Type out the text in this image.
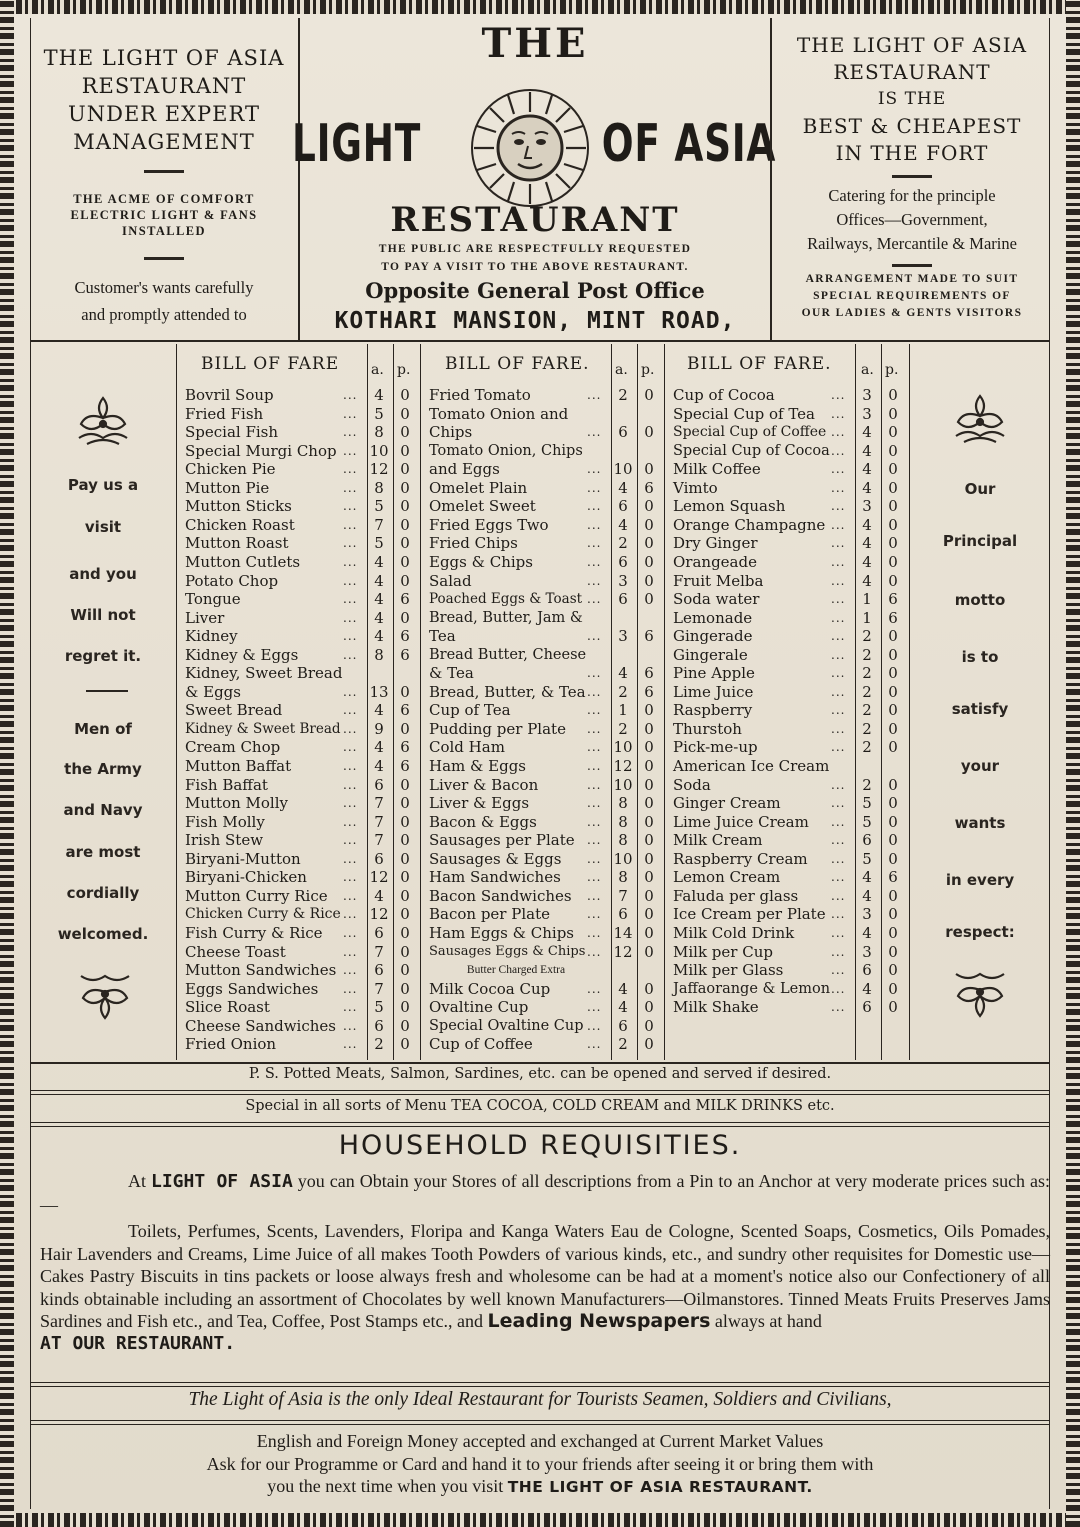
THE LIGHT OF ASIA
RESTAURANT
UNDER EXPERT
MANAGEMENT
THE ACME OF COMFORT
ELECTRIC LIGHT & FANS
INSTALLED
Customer's wants carefully
and promptly attended to
THE
LIGHT	OF ASIA
RESTAURANT
THE PUBLIC ARE RESPECTFULLY REQUESTED
TO PAY A VISIT TO THE ABOVE RESTAURANT.
Opposite General Post Office
KOTHARI MANSION, MINT ROAD,
THE LIGHT OF ASIA
RESTAURANT
IS THE
BEST & CHEAPEST
IN THE FORT
Catering for the principle
Offices—Government,
Railways, Mercantile & Marine
ARRANGEMENT MADE TO SUIT
SPECIAL REQUIREMENTS OF
OUR LADIES & GENTS VISITORS
Pay us a
visit
and you
Will not
regret it.
Men of
the Army
and Navy
are most
cordially
welcomed.
BILL OF FARE a. p.
Bovril Soup	...	4	0
Fried Fish	...	5	0
Special Fish	...	8	0
Special Murgi Chop ... 10 0
Chicken Pie	... 12 0
Mutton Pie	...	8	0
Mutton Sticks	...	5	0
Chicken Roast	...	7	0
Mutton Roast	...	5	0
Mutton Cutlets	...	4	0
Potato Chop	...	4	0
Tongue	...	4	6
Liver	...	4	0
Kidney	...	4	6
Kidney & Eggs	...	8	6
Kidney, Sweet Bread
& Eggs	... 13 0
Sweet Bread	...	4	6
Kidney & Sweet Bread ...	9	0
Cream Chop	...	4	6
Mutton Baffat	...	4	6
Fish Baffat	...	6	0
Mutton Molly	...	7	0
Fish Molly	...	7	0
Irish Stew	...	7	0
Biryani-Mutton	...	6	0
Biryani-Chicken	... 12 0
Mutton Curry Rice ...	4	0
Chicken Curry & Rice ... 12 0
Fish Curry & Rice ...	6	0
Cheese Toast	...	7	0
Mutton Sandwiches ...	6	0
Eggs Sandwiches ...	7	0
Slice Roast	...	5	0
Cheese Sandwiches ...	6	0
Fried Onion	...	2	0
BILL OF FARE. a. p.
Fried Tomato	...	2	0
Tomato Onion and
Chips	...	6	0
Tomato Onion, Chips
and Eggs	... 10 0
Omelet Plain	...	4	6
Omelet Sweet	...	6	0
Fried Eggs Two	...	4	0
Fried Chips	...	2	0
Eggs & Chips	...	6	0
Salad	...	3	0
Poached Eggs & Toast ...	6	0
Bread, Butter, Jam &
Tea	...	3	6
Bread Butter, Cheese
& Tea	...	4	6
Bread, Butter, & Tea ...	2	6
Cup of Tea	...	1	0
Pudding per Plate ...	2	0
Cold Ham	... 10 0
Ham & Eggs	... 12 0
Liver & Bacon	... 10 0
Liver & Eggs	...	8	0
Bacon & Eggs	...	8	0
Sausages per Plate ...	8	0
Sausages & Eggs ... 10 0
Ham Sandwiches ...	8	0
Bacon Sandwiches ...	7	0
Bacon per Plate	...	6	0
Ham Eggs & Chips ... 14 0
Sausages Eggs & Chips ... 12 0
Butter Charged Extra
Milk Cocoa Cup	...	4	0
Ovaltine Cup	...	4	0
Special Ovaltine Cup ...	6	0
Cup of Coffee	...	2	0
BILL OF FARE. a. p.
Cup of Cocoa	...	3	0
Special Cup of Tea ...	3	0
Special Cup of Coffee ...	4	0
Special Cup of Cocoa ...	4	0
Milk Coffee	...	4	0
Vimto	...	4	0
Lemon Squash	...	3	0
Orange Champagne ...	4	0
Dry Ginger	...	4	0
Orangeade	...	4	0
Fruit Melba	...	4	0
Soda water	...	1	6
Lemonade	...	1	6
Gingerade	...	2	0
Gingerale	...	2	0
Pine Apple	...	2	0
Lime Juice	...	2	0
Raspberry	...	2	0
Thurstoh	...	2	0
Pick-me-up	...	2	0
American Ice Cream
Soda	...	2	0
Ginger Cream	...	5	0
Lime Juice Cream ...	5	0
Milk Cream	...	6	0
Raspberry Cream ...	5	0
Lemon Cream	...	4	6
Faluda per glass	...	4	0
Ice Cream per Plate ...	3	0
Milk Cold Drink	...	4	0
Milk per Cup	...	3	0
Milk per Glass	...	6	0
Jaffaorange & Lemon ...	4	0
Milk Shake	...	6	0
Our
Principal
motto
is to
satisfy
your
wants
in every
respect:
P. S. Potted Meats, Salmon, Sardines, etc. can be opened and served if desired.
Special in all sorts of Menu TEA COCOA, COLD CREAM and MILK DRINKS etc.
HOUSEHOLD REQUISITIES.
At LIGHT OF ASIA you can Obtain your Stores of all descriptions from a Pin to an Anchor at very moderate prices such as:—
Toilets, Perfumes, Scents, Lavenders, Floripa and Kanga Waters Eau de Cologne, Scented Soaps, Cosmetics, Oils Pomades, Hair Lavenders and Creams, Lime Juice of all makes Tooth Powders of various kinds, etc., and sundry other requisites for Domestic use—Cakes Pastry Biscuits in tins packets or loose always fresh and wholesome can be had at a moment's notice also our Confectionery of all kinds obtainable including an assortment of Chocolates by well known Manufacturers—Oilmanstores. Tinned Meats Fruits Preserves Jams Sardines and Fish etc., and Tea, Coffee, Post Stamps etc., and Leading Newspapers always at hand
AT OUR RESTAURANT.
The Light of Asia is the only Ideal Restaurant for Tourists Seamen, Soldiers and Civilians,
English and Foreign Money accepted and exchanged at Current Market Values
Ask for our Programme or Card and hand it to your friends after seeing it or bring them with
you the next time when you visit THE LIGHT OF ASIA RESTAURANT.
